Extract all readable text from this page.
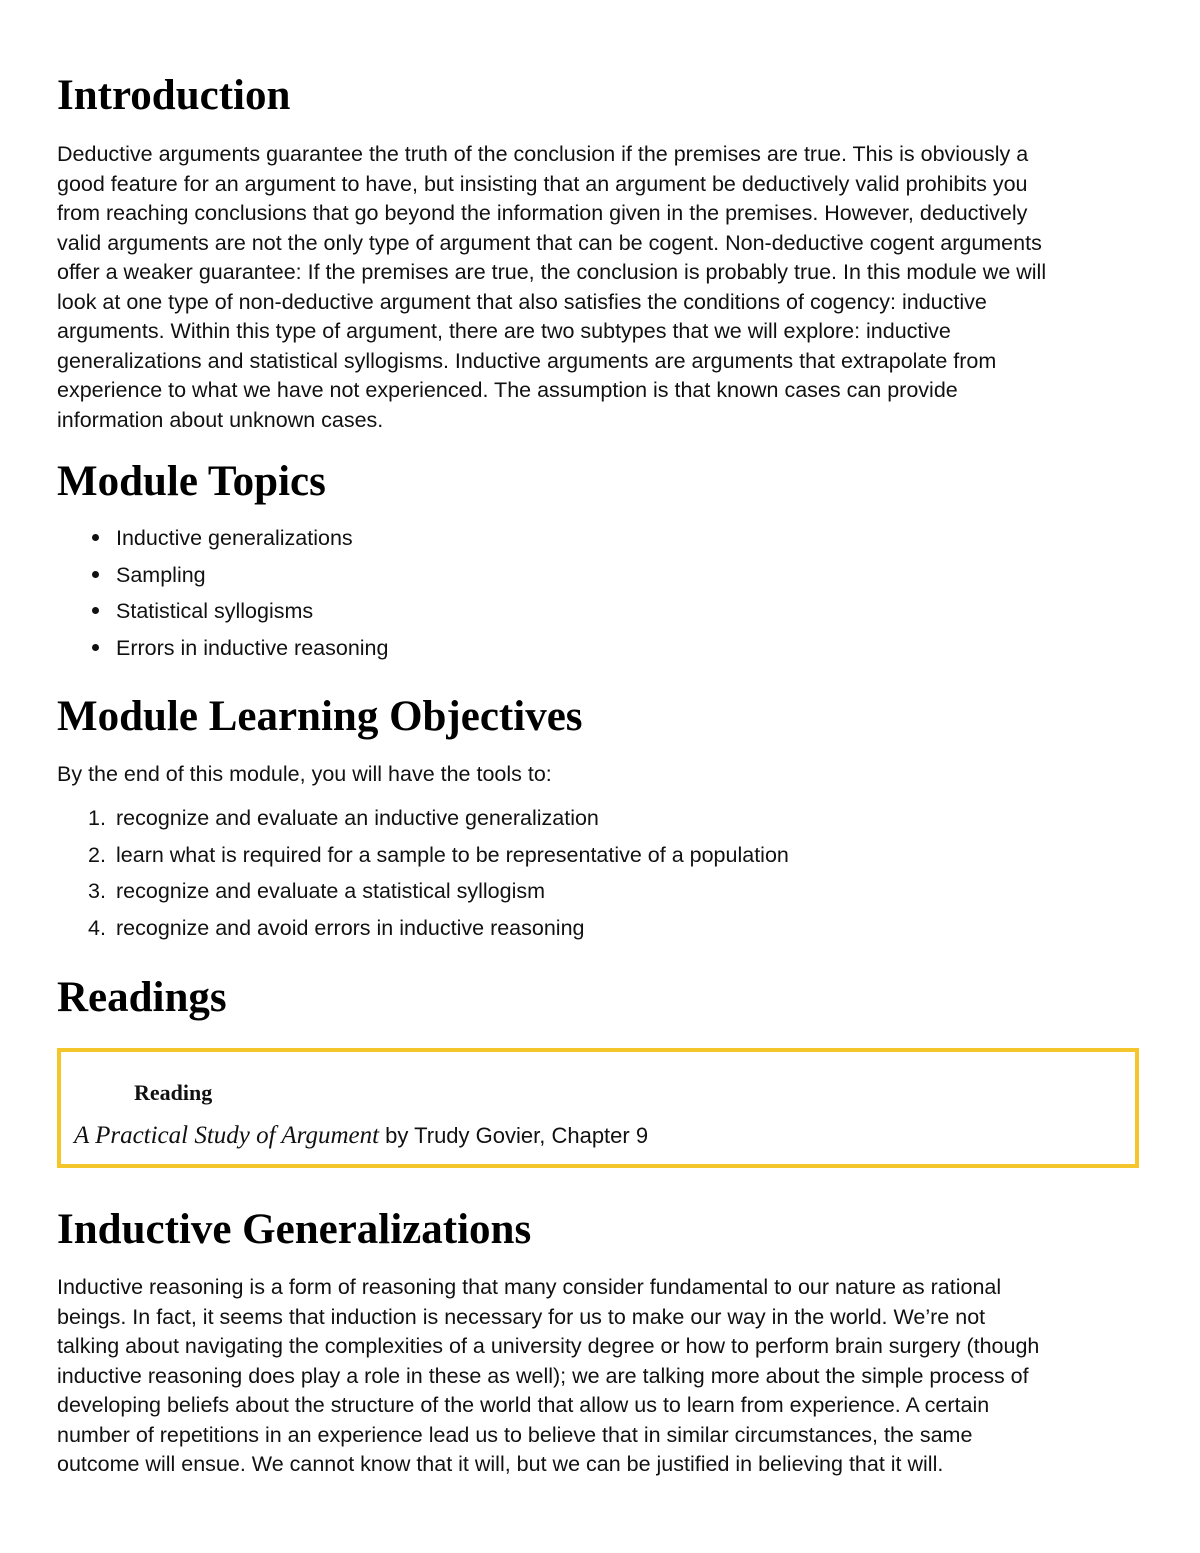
Introduction

Deductive arguments guarantee the truth of the conclusion if the premises are true. This is obviously a
good feature for an argument to have, but insisting that an argument be deductively valid prohibits you
from reaching conclusions that go beyond the information given in the premises. However, deductively
valid arguments are not the only type of argument that can be cogent. Non-deductive cogent arguments
offer a weaker guarantee: If the premises are true, the conclusion is probably true. In this module we will
look at one type of non-deductive argument that also satisfies the conditions of cogency: inductive
arguments. Within this type of argument, there are two subtypes that we will explore: inductive
generalizations and statistical syllogisms. Inductive arguments are arguments that extrapolate from
experience to what we have not experienced. The assumption is that known cases can provide
information about unknown cases.

Module Topics
Inductive generalizations
Sampling
Statistical syllogisms
Errors in inductive reasoning
Module Learning Objectives

By the end of this module, you will have the tools to:

1. recognize and evaluate an inductive generalization
2. learn what is required for a sample to be representative of a population
3. recognize and evaluate a statistical syllogism
4. recognize and avoid errors in inductive reasoning
Readings
Reading
A Practical Study of Argument by Trudy Govier, Chapter 9
Inductive Generalizations

Inductive reasoning is a form of reasoning that many consider fundamental to our nature as rational
beings. In fact, it seems that induction is necessary for us to make our way in the world. We’re not
talking about navigating the complexities of a university degree or how to perform brain surgery (though
inductive reasoning does play a role in these as well); we are talking more about the simple process of
developing beliefs about the structure of the world that allow us to learn from experience. A certain
number of repetitions in an experience lead us to believe that in similar circumstances, the same
outcome will ensue. We cannot know that it will, but we can be justified in believing that it will.
